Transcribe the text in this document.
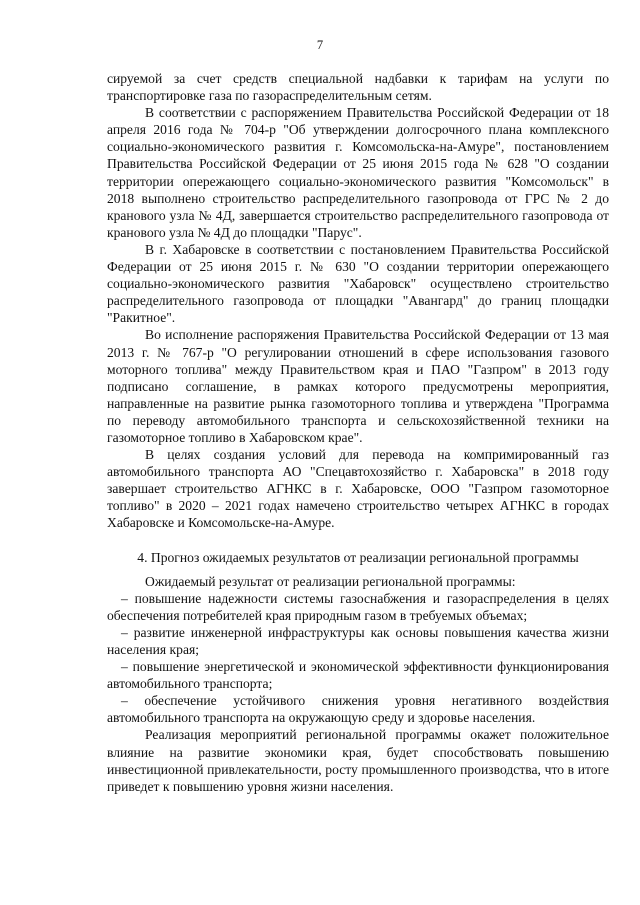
7

сируемой за счет средств специальной надбавки к тарифам на услуги по транспортировке газа по газораспределительным сетям.

В соответствии с распоряжением Правительства Российской Федерации от 18 апреля 2016 года № 704-р "Об утверждении долгосрочного плана комплексного социально-экономического развития г. Комсомольска-на-Амуре", постановлением Правительства Российской Федерации от 25 июня 2015 года № 628 "О создании территории опережающего социально-экономического развития "Комсомольск" в 2018 выполнено строительство распределительного газопровода от ГРС № 2 до кранового узла № 4Д, завершается строительство распределительного газопровода от кранового узла № 4Д до площадки "Парус".

В г. Хабаровске в соответствии с постановлением Правительства Российской Федерации от 25 июня 2015 г. № 630 "О создании территории опережающего социально-экономического развития "Хабаровск" осуществлено строительство распределительного газопровода от площадки "Авангард" до границ площадки "Ракитное".

Во исполнение распоряжения Правительства Российской Федерации от 13 мая 2013 г. № 767-р "О регулировании отношений в сфере использования газового моторного топлива" между Правительством края и ПАО "Газпром" в 2013 году подписано соглашение, в рамках которого предусмотрены мероприятия, направленные на развитие рынка газомоторного топлива и утверждена "Программа по переводу автомобильного транспорта и сельскохозяйственной техники на газомоторное топливо в Хабаровском крае".

В целях создания условий для перевода на компримированный газ автомобильного транспорта АО "Спецавтохозяйство г. Хабаровска" в 2018 году завершает строительство АГНКС в г. Хабаровске, ООО "Газпром газомоторное топливо" в 2020 – 2021 годах намечено строительство четырех АГНКС в городах Хабаровске и Комсомольске-на-Амуре.

4. Прогноз ожидаемых результатов от реализации региональной программы

Ожидаемый результат от реализации региональной программы:

– повышение надежности системы газоснабжения и газораспределения в целях обеспечения потребителей края природным газом в требуемых объемах;

– развитие инженерной инфраструктуры как основы повышения качества жизни населения края;

– повышение энергетической и экономической эффективности функционирования автомобильного транспорта;

– обеспечение устойчивого снижения уровня негативного воздействия автомобильного транспорта на окружающую среду и здоровье населения.

Реализация мероприятий региональной программы окажет положительное влияние на развитие экономики края, будет способствовать повышению инвестиционной привлекательности, росту промышленного производства, что в итоге приведет к повышению уровня жизни населения.
